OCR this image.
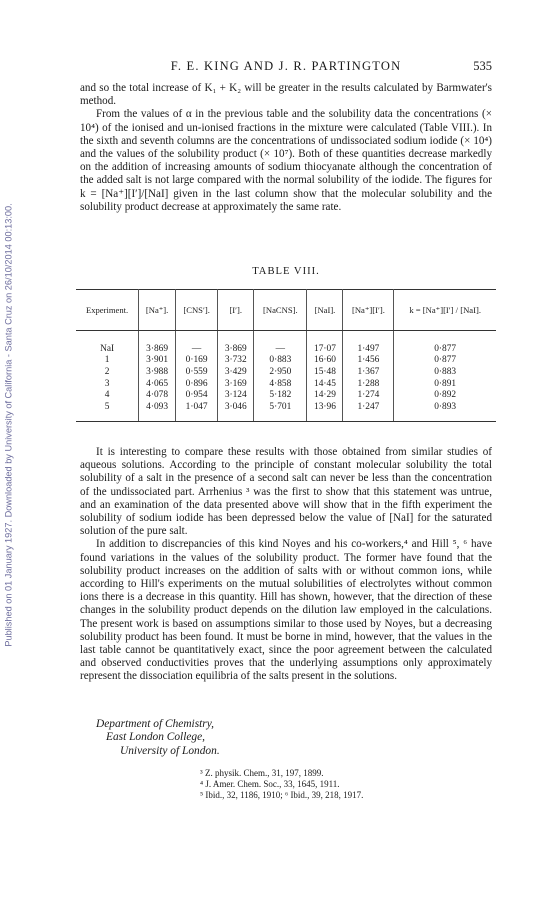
Published on 01 January 1927. Downloaded by University of California - Santa Cruz on 26/10/2014 00:13:00.
F. E. KING AND J. R. PARTINGTON	535

and so the total increase of K₁ + K₂ will be greater in the results calculated by Barmwater's method.

From the values of α in the previous table and the solubility data the concentrations (× 10⁴) of the ionised and un-ionised fractions in the mixture were calculated (Table VIII.). In the sixth and seventh columns are the concentrations of undissociated sodium iodide (× 10⁴) and the values of the solubility product (× 10⁷). Both of these quantities decrease markedly on the addition of increasing amounts of sodium thiocyanate although the concentration of the added salt is not large compared with the normal solubility of the iodide. The figures for k = [Na⁺][I′]/[NaI] given in the last column show that the molecular solubility and the solubility product decrease at approximately the same rate.

TABLE VIII.
Experiment.	[Na⁺].	[CNS′].	[I′].	[NaCNS].	[NaI].	[Na⁺][I′].	k = [Na⁺][I′] / [NaI].
NaI	3·869	—	3·869	—	17·07	1·497	0·877
1	3·901	0·169	3·732	0·883	16·60	1·456	0·877
2	3·988	0·559	3·429	2·950	15·48	1·367	0·883
3	4·065	0·896	3·169	4·858	14·45	1·288	0·891
4	4·078	0·954	3·124	5·182	14·29	1·274	0·892
5	4·093	1·047	3·046	5·701	13·96	1·247	0·893

It is interesting to compare these results with those obtained from similar studies of aqueous solutions. According to the principle of constant molecular solubility the total solubility of a salt in the presence of a second salt can never be less than the concentration of the undissociated part. Arrhenius ³ was the first to show that this statement was untrue, and an examination of the data presented above will show that in the fifth experiment the solubility of sodium iodide has been depressed below the value of [NaI] for the saturated solution of the pure salt.

In addition to discrepancies of this kind Noyes and his co-workers,⁴ and Hill ⁵, ⁶ have found variations in the values of the solubility product. The former have found that the solubility product increases on the addition of salts with or without common ions, while according to Hill's experiments on the mutual solubilities of electrolytes without common ions there is a decrease in this quantity. Hill has shown, however, that the direction of these changes in the solubility product depends on the dilution law employed in the calculations. The present work is based on assumptions similar to those used by Noyes, but a decreasing solubility product has been found. It must be borne in mind, however, that the values in the last table cannot be quantitatively exact, since the poor agreement between the calculated and observed conductivities proves that the underlying assumptions only approximately represent the dissociation equilibria of the salts present in the solutions.

Department of Chemistry,
East London College,
University of London.
³ Z. physik. Chem., 31, 197, 1899.
⁴ J. Amer. Chem. Soc., 33, 1645, 1911.
⁵ Ibid., 32, 1186, 1910; ⁶ Ibid., 39, 218, 1917.
